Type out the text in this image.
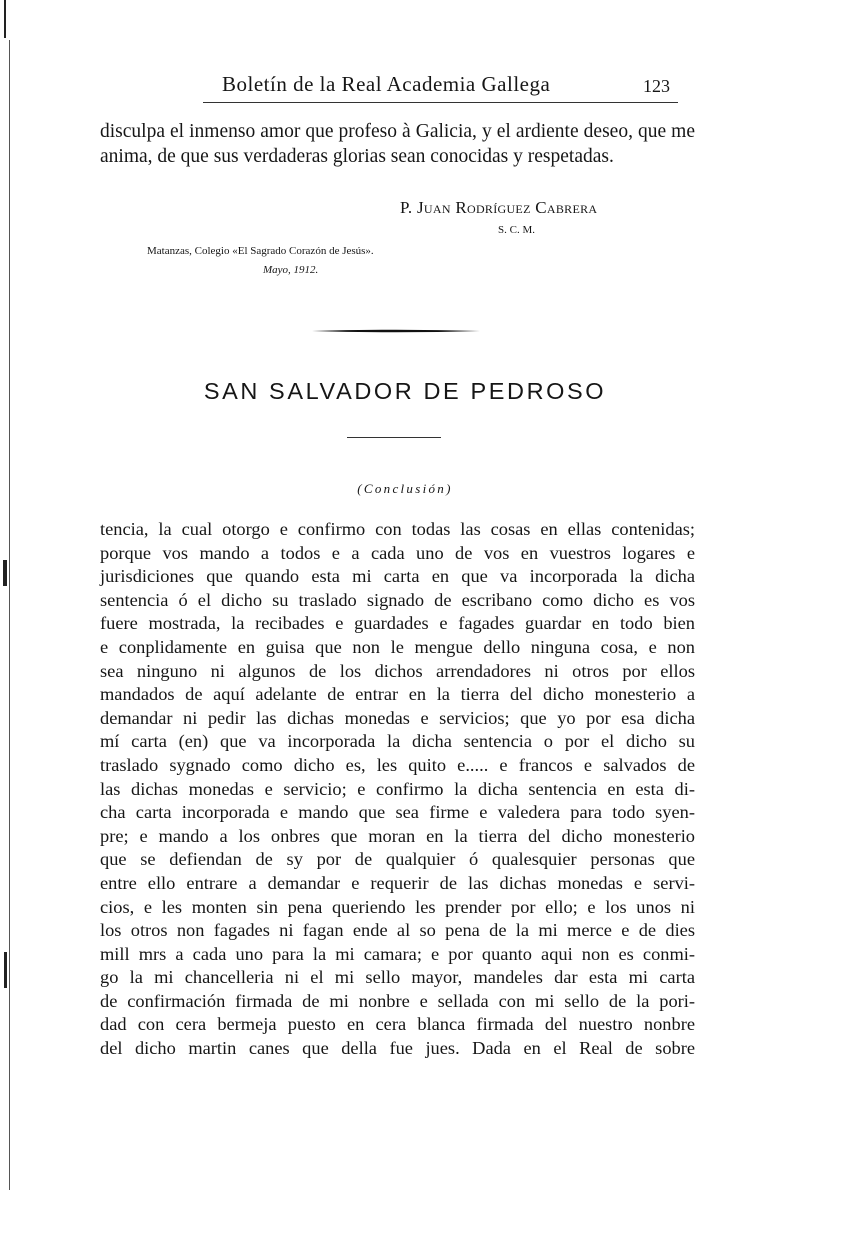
Boletín de la Real Academia Gallega	123

disculpa el inmenso amor que profeso à Galicia, y el ardiente deseo, que me anima, de que sus verdaderas glorias sean conocidas y respetadas.

P. Juan Rodríguez Cabrera
S. C. M.
Matanzas, Colegio «El Sagrado Corazón de Jesús».
Mayo, 1912.
SAN SALVADOR DE PEDROSO
(Conclusión)
tencia, la cual otorgo e confirmo con todas las cosas en ellas contenidas;
porque vos mando a todos e a cada uno de vos en vuestros logares e
jurisdiciones que quando esta mi carta en que va incorporada la dicha
sentencia ó el dicho su traslado signado de escribano como dicho es vos
fuere mostrada, la recibades e guardades e fagades guardar en todo bien
e conplidamente en guisa que non le mengue dello ninguna cosa, e non
sea ninguno ni algunos de los dichos arrendadores ni otros por ellos
mandados de aquí adelante de entrar en la tierra del dicho monesterio a
demandar ni pedir las dichas monedas e servicios; que yo por esa dicha
mí carta (en) que va incorporada la dicha sentencia o por el dicho su
traslado sygnado como dicho es, les quito e..... e francos e salvados de
las dichas monedas e servicio; e confirmo la dicha sentencia en esta di-
cha carta incorporada e mando que sea firme e valedera para todo syen-
pre; e mando a los onbres que moran en la tierra del dicho monesterio
que se defiendan de sy por de qualquier ó qualesquier personas que
entre ello entrare a demandar e requerir de las dichas monedas e servi-
cios, e les monten sin pena queriendo les prender por ello; e los unos ni
los otros non fagades ni fagan ende al so pena de la mi merce e de dies
mill mrs a cada uno para la mi camara; e por quanto aqui non es conmi-
go la mi chancelleria ni el mi sello mayor, mandeles dar esta mi carta
de confirmación firmada de mi nonbre e sellada con mi sello de la pori-
dad con cera bermeja puesto en cera blanca firmada del nuestro nonbre
del dicho martin canes que della fue jues. Dada en el Real de sobre
